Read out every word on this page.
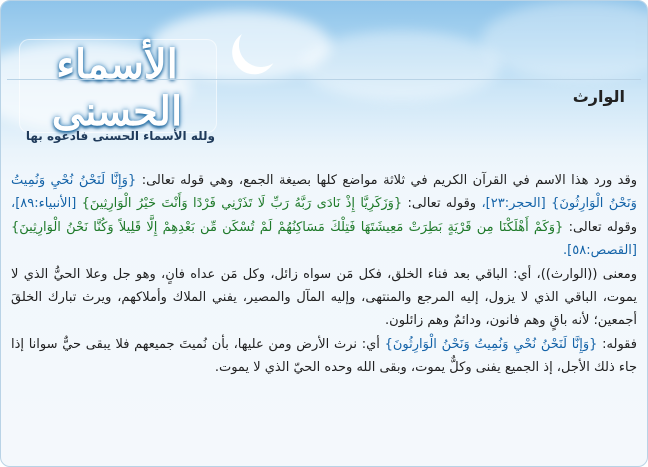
الأسماء الحسنى
ولله الأسماء الحسنى فادعوه بها
الوارث

وقد ورد هذا الاسم في القرآن الكريم في ثلاثة مواضع كلها بصيغة الجمع، وهي قوله تعالى: {وَإِنَّا لَنَحْنُ نُحْيِ وَنُمِيتُ وَنَحْنُ الْوَارِثُونَ} [الحجر:٢٣]، وقوله تعالى: {وَزَكَرِيَّا إِذْ نَادَى رَبَّهُ رَبِّ لَا تَذَرْنِي فَرْدًا وَأَنْتَ خَيْرُ الْوَارِثِينَ} [الأنبياء:٨٩]، وقوله تعالى: {وَكَمْ أَهْلَكْنَا مِن قَرْيَةٍ بَطِرَتْ مَعِيشَتَهَا فَتِلْكَ مَسَاكِنُهُمْ لَمْ تُسْكَن مِّن بَعْدِهِمْ إِلَّا قَلِيلاً وَكُنَّا نَحْنُ الْوَارِثِينَ} [القصص:٥٨].

ومعنى ((الوارث))، أي: الباقي بعد فناء الخلق، فكل مَن سواه زائل، وكل مَن عداه فانٍ، وهو جل وعلا الحيُّ الذي لا يموت، الباقي الذي لا يزول، إليه المرجع والمنتهى، وإليه المآل والمصير، يفني الملاك وأملاكهم، ويرث تبارك الخلقَ أجمعين؛ لأنه باقٍ وهم فانون، ودائمٌ وهم زائلون.

فقوله: {وَإِنَّا لَنَحْنُ نُحْيِ وَنُمِيتُ وَنَحْنُ الْوَارِثُونَ} أي: نرث الأرض ومن عليها، بأن نُميتَ جميعهم فلا يبقى حيٌّ سوانا إذا جاء ذلك الأجل، إذ الجميع يفنى وكلٌّ يموت، وبقى الله وحده الحيّ الذي لا يموت.
